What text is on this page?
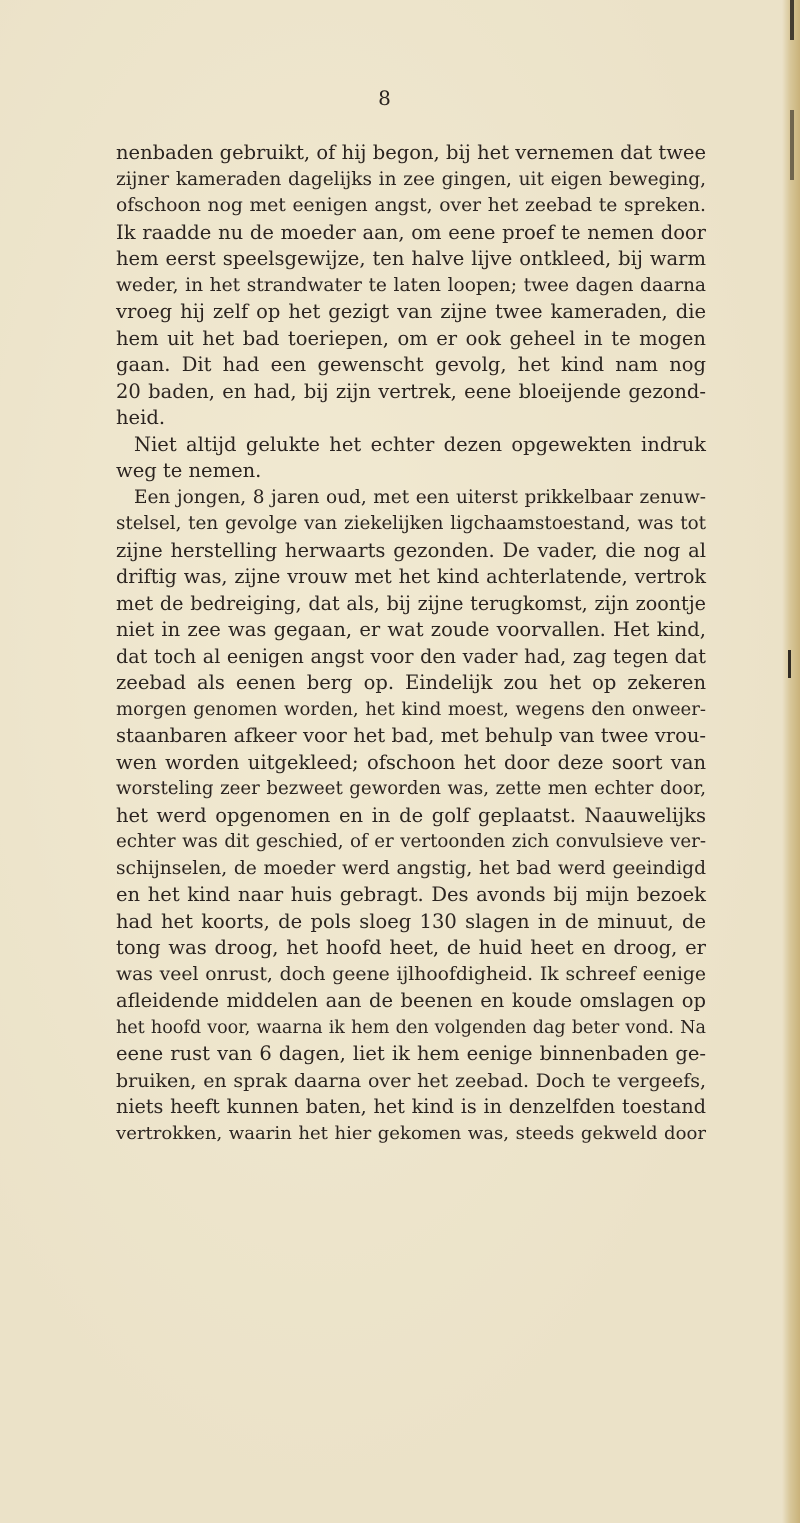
8
nenbaden gebruikt, of hij begon, bij het vernemen dat twee
zijner kameraden dagelijks in zee gingen, uit eigen beweging,
ofschoon nog met eenigen angst, over het zeebad te spreken.
Ik raadde nu de moeder aan, om eene proef te nemen door
hem eerst speelsgewijze, ten halve lijve ontkleed, bij warm
weder, in het strandwater te laten loopen; twee dagen daarna
vroeg hij zelf op het gezigt van zijne twee kameraden, die
hem uit het bad toeriepen, om er ook geheel in te mogen
gaan. Dit had een gewenscht gevolg, het kind nam nog
20 baden, en had, bij zijn vertrek, eene bloeijende gezond-
heid.
Niet altijd gelukte het echter dezen opgewekten indruk
weg te nemen.
Een jongen, 8 jaren oud, met een uiterst prikkelbaar zenuw-
stelsel, ten gevolge van ziekelijken ligchaamstoestand, was tot
zijne herstelling herwaarts gezonden. De vader, die nog al
driftig was, zijne vrouw met het kind achterlatende, vertrok
met de bedreiging, dat als, bij zijne terugkomst, zijn zoontje
niet in zee was gegaan, er wat zoude voorvallen. Het kind,
dat toch al eenigen angst voor den vader had, zag tegen dat
zeebad als eenen berg op. Eindelijk zou het op zekeren
morgen genomen worden, het kind moest, wegens den onweer-
staanbaren afkeer voor het bad, met behulp van twee vrou-
wen worden uitgekleed; ofschoon het door deze soort van
worsteling zeer bezweet geworden was, zette men echter door,
het werd opgenomen en in de golf geplaatst. Naauwelijks
echter was dit geschied, of er vertoonden zich convulsieve ver-
schijnselen, de moeder werd angstig, het bad werd geeindigd
en het kind naar huis gebragt. Des avonds bij mijn bezoek
had het koorts, de pols sloeg 130 slagen in de minuut, de
tong was droog, het hoofd heet, de huid heet en droog, er
was veel onrust, doch geene ijlhoofdigheid. Ik schreef eenige
afleidende middelen aan de beenen en koude omslagen op
het hoofd voor, waarna ik hem den volgenden dag beter vond. Na
eene rust van 6 dagen, liet ik hem eenige binnenbaden ge-
bruiken, en sprak daarna over het zeebad. Doch te vergeefs,
niets heeft kunnen baten, het kind is in denzelfden toestand
vertrokken, waarin het hier gekomen was, steeds gekweld door
